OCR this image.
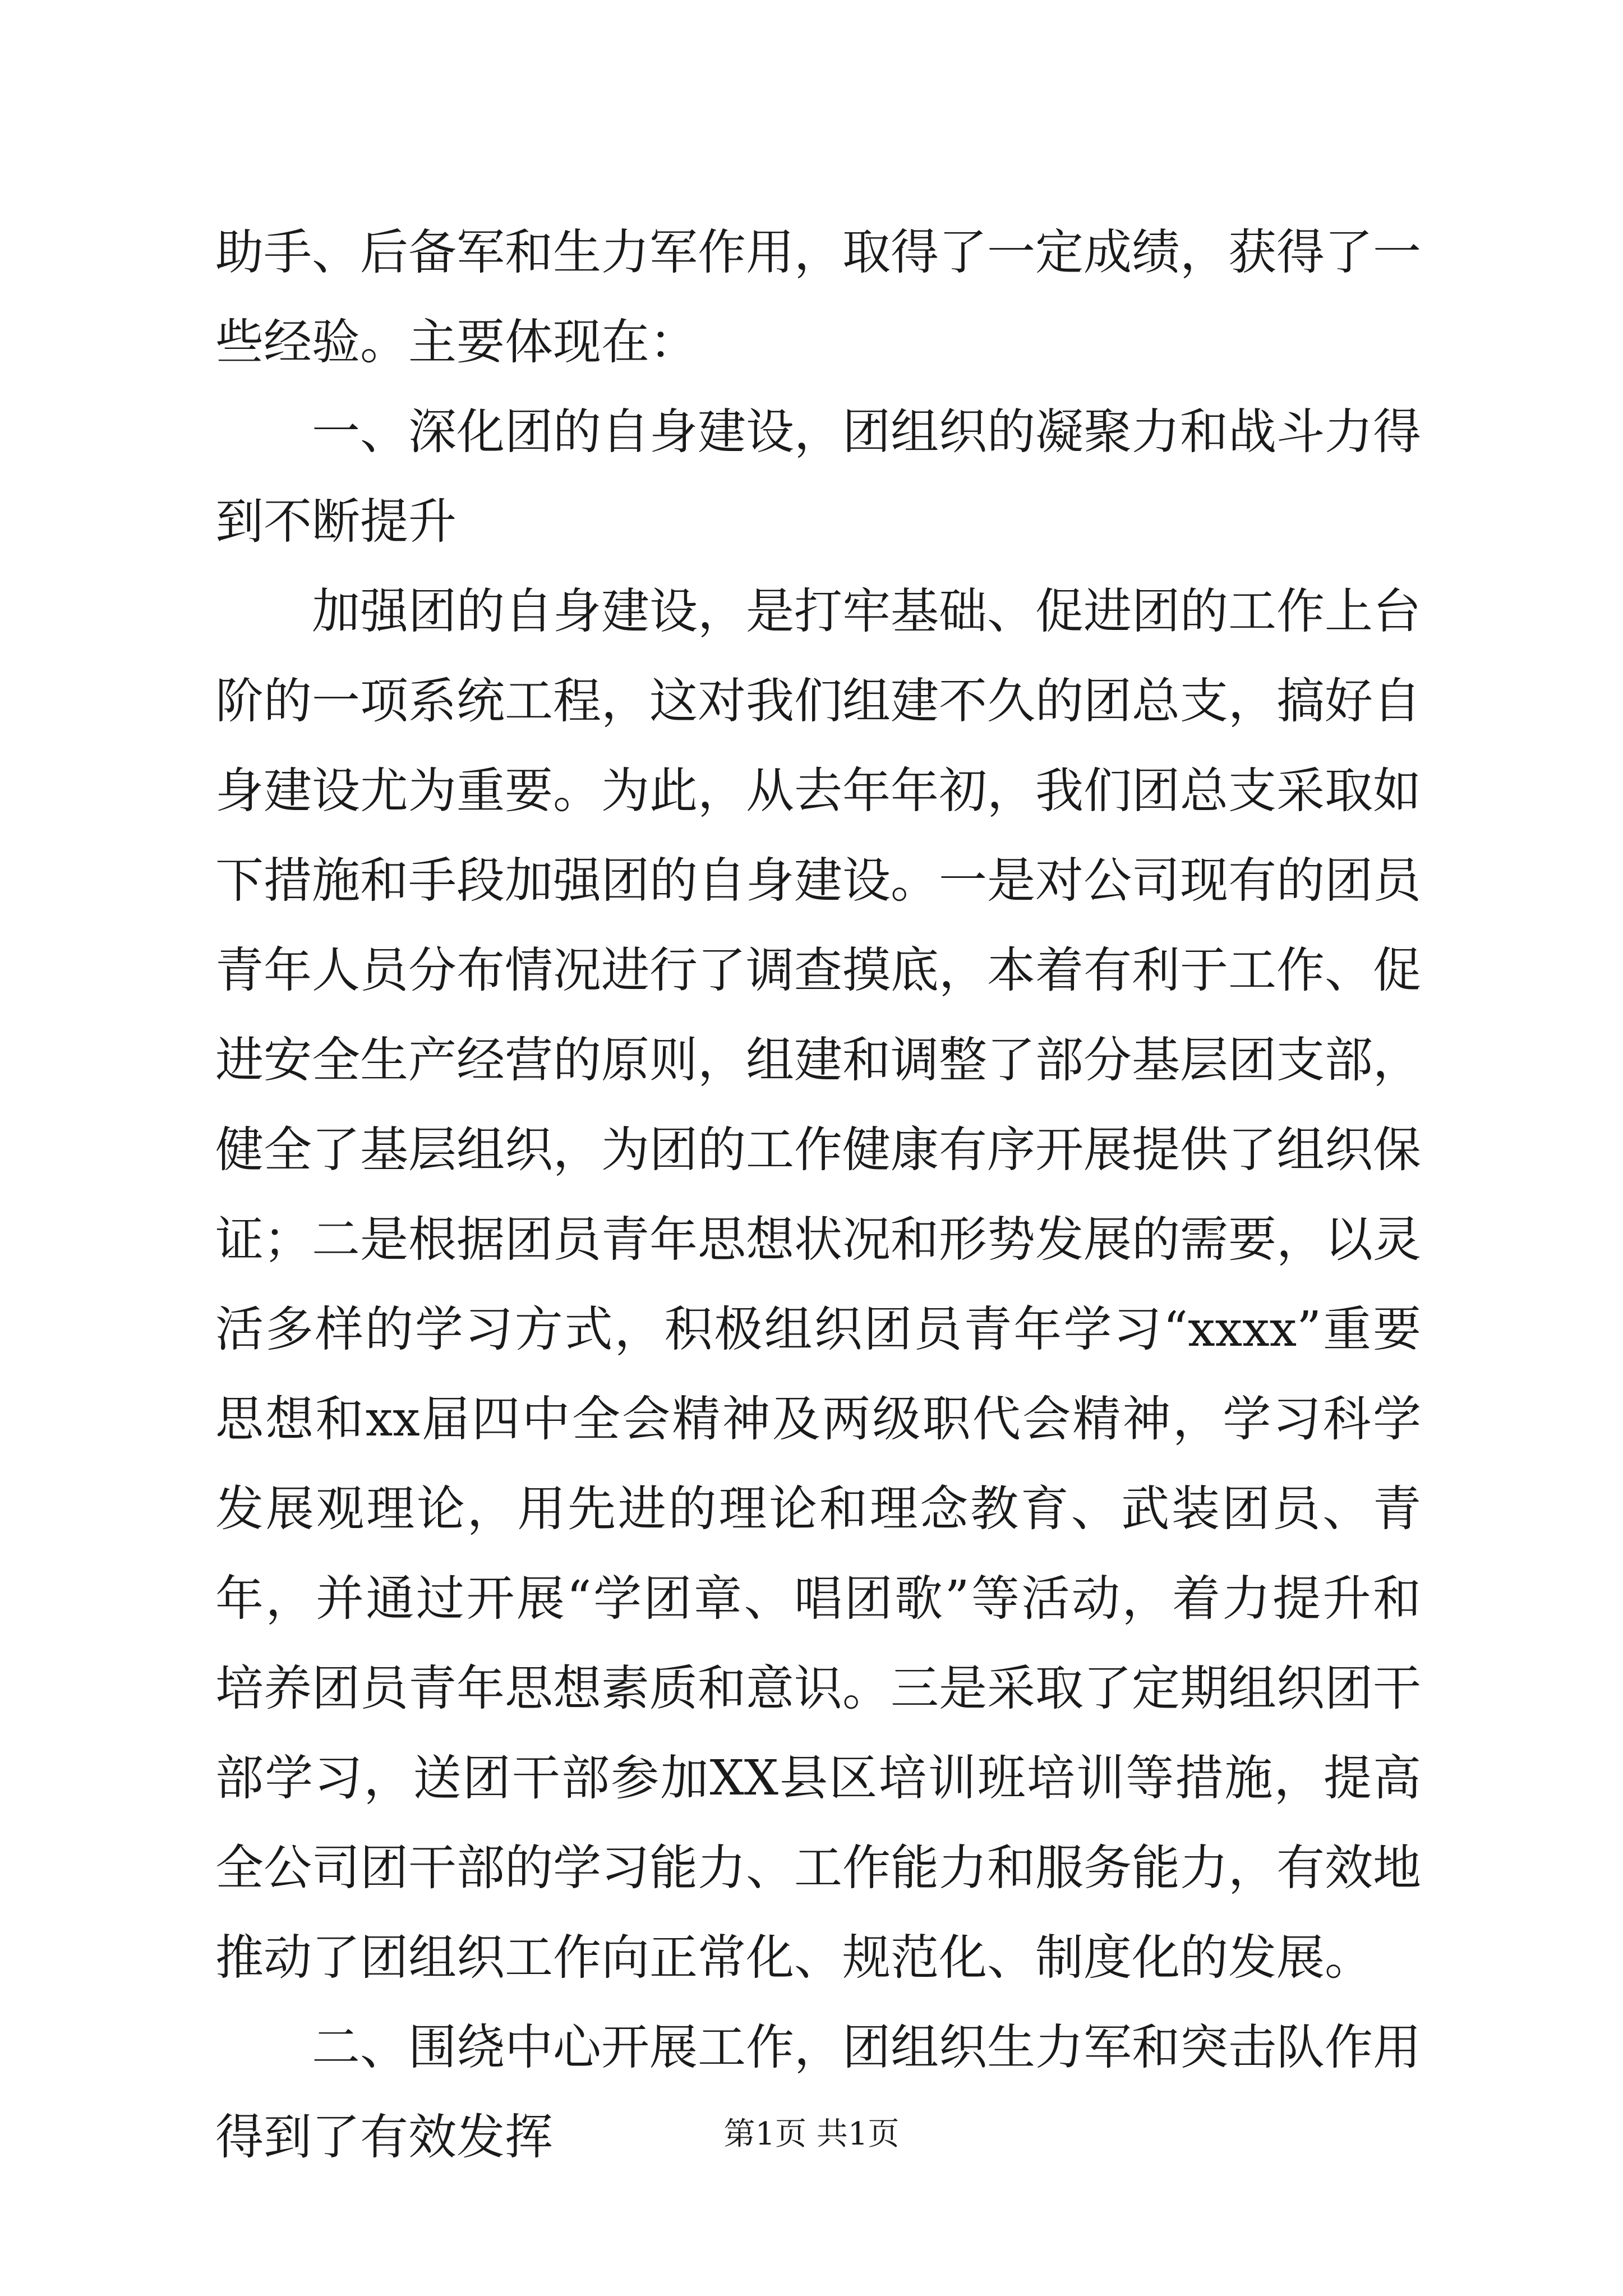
助手、后备军和生力军作用，取得了一定成绩，获得了一些经验。主要体现在：

一、深化团的自身建设，团组织的凝聚力和战斗力得到不断提升

加强团的自身建设，是打牢基础、促进团的工作上台阶的一项系统工程，这对我们组建不久的团总支，搞好自身建设尤为重要。为此，从去年年初，我们团总支采取如下措施和手段加强团的自身建设。一是对公司现有的团员青年人员分布情况进行了调查摸底，本着有利于工作、促进安全生产经营的原则，组建和调整了部分基层团支部，健全了基层组织，为团的工作健康有序开展提供了组织保证；二是根据团员青年思想状况和形势发展的需要，以灵活多样的学习方式，积极组织团员青年学习“xxxx”重要思想和xx届四中全会精神及两级职代会精神，学习科学发展观理论，用先进的理论和理念教育、武装团员、青年，并通过开展“学团章、唱团歌”等活动，着力提升和培养团员青年思想素质和意识。三是采取了定期组织团干部学习，送团干部参加XX县区培训班培训等措施，提高全公司团干部的学习能力、工作能力和服务能力，有效地推动了团组织工作向正常化、规范化、制度化的发展。

二、围绕中心开展工作，团组织生力军和突击队作用得到了有效发挥	第1页 共1页
